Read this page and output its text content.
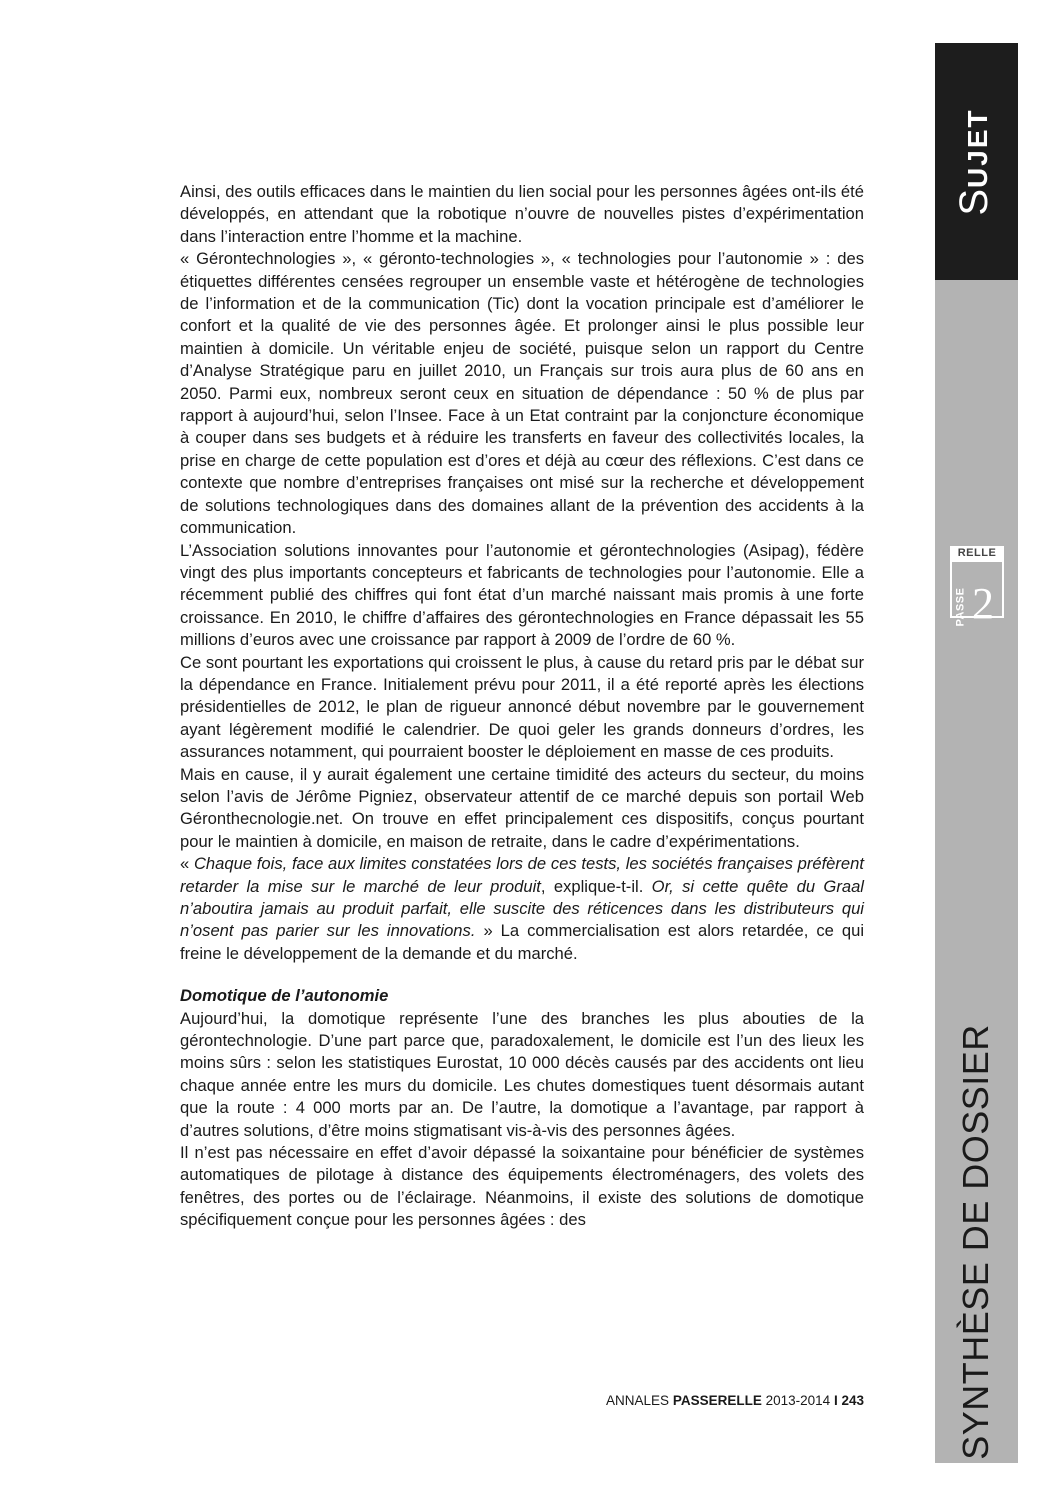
SUJET
RELLE
PASSE 2
SYNTHÈSE DE DOSSIER

Ainsi, des outils efficaces dans le maintien du lien social pour les personnes âgées ont-ils été développés, en attendant que la robotique n’ouvre de nouvelles pistes d’expérimentation dans l’interaction entre l’homme et la machine.

« Gérontechnologies », « géronto-technologies », « technologies pour l’autonomie » : des étiquettes différentes censées regrouper un ensemble vaste et hétérogène de technologies de l’information et de la communication (Tic) dont la vocation principale est d’améliorer le confort et la qualité de vie des personnes âgée. Et prolonger ainsi le plus possible leur maintien à domicile. Un véritable enjeu de société, puisque selon un rapport du Centre d’Analyse Stratégique paru en juillet 2010, un Français sur trois aura plus de 60 ans en 2050. Parmi eux, nombreux seront ceux en situation de dépendance : 50 % de plus par rapport à aujourd’hui, selon l’Insee. Face à un Etat contraint par la conjoncture économique à couper dans ses budgets et à réduire les transferts en faveur des collectivités locales, la prise en charge de cette population est d’ores et déjà au cœur des réflexions. C’est dans ce contexte que nombre d’entreprises françaises ont misé sur la recherche et développement de solutions technologiques dans des domaines allant de la prévention des accidents à la communication.

L’Association solutions innovantes pour l’autonomie et gérontechnologies (Asipag), fédère vingt des plus importants concepteurs et fabricants de technologies pour l’autonomie. Elle a récemment publié des chiffres qui font état d’un marché naissant mais promis à une forte croissance. En 2010, le chiffre d’affaires des gérontechnologies en France dépassait les 55 millions d’euros avec une croissance par rapport à 2009 de l’ordre de 60 %.

Ce sont pourtant les exportations qui croissent le plus, à cause du retard pris par le débat sur la dépendance en France. Initialement prévu pour 2011, il a été reporté après les élections présidentielles de 2012, le plan de rigueur annoncé début novembre par le gouvernement ayant légèrement modifié le calendrier. De quoi geler les grands donneurs d’ordres, les assurances notamment, qui pourraient booster le déploiement en masse de ces produits.

Mais en cause, il y aurait également une certaine timidité des acteurs du secteur, du moins selon l’avis de Jérôme Pigniez, observateur attentif de ce marché depuis son portail Web Géronthecnologie.net. On trouve en effet principalement ces dispositifs, conçus pourtant pour le maintien à domicile, en maison de retraite, dans le cadre d’expérimentations.

« Chaque fois, face aux limites constatées lors de ces tests, les sociétés françaises préfèrent retarder la mise sur le marché de leur produit, explique-t-il. Or, si cette quête du Graal n’aboutira jamais au produit parfait, elle suscite des réticences dans les distributeurs qui n’osent pas parier sur les innovations. » La commercialisation est alors retardée, ce qui freine le développement de la demande et du marché.

Domotique de l’autonomie

Aujourd’hui, la domotique représente l’une des branches les plus abouties de la gérontechnologie. D’une part parce que, paradoxalement, le domicile est l’un des lieux les moins sûrs : selon les statistiques Eurostat, 10 000 décès causés par des accidents ont lieu chaque année entre les murs du domicile. Les chutes domestiques tuent désormais autant que la route : 4 000 morts par an. De l’autre, la domotique a l’avantage, par rapport à d’autres solutions, d’être moins stigmatisant vis-à-vis des personnes âgées.

Il n’est pas nécessaire en effet d’avoir dépassé la soixantaine pour bénéficier de systèmes automatiques de pilotage à distance des équipements électroménagers, des volets des fenêtres, des portes ou de l’éclairage. Néanmoins, il existe des solutions de domotique spécifiquement conçue pour les personnes âgées : des

ANNALES PASSERELLE 2013-2014 I 243
